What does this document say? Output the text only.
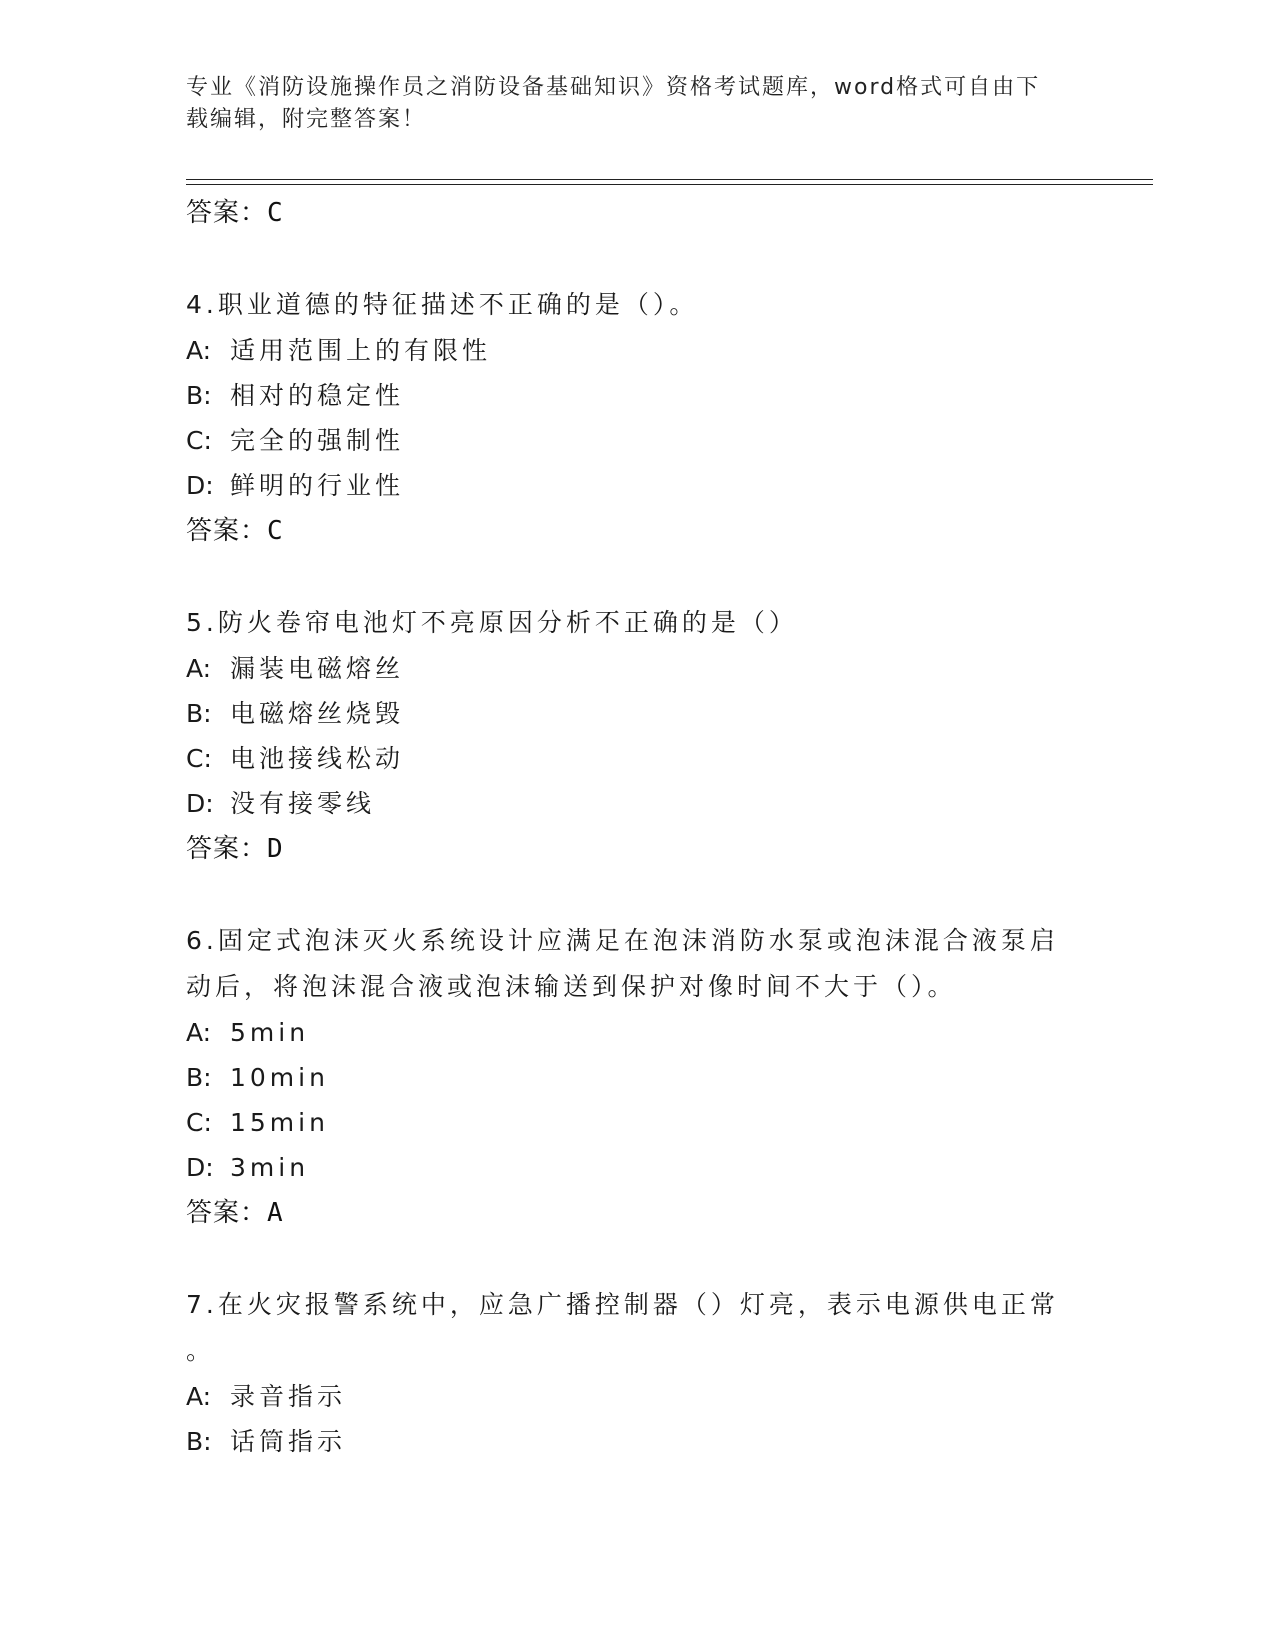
专业《消防设施操作员之消防设备基础知识》资格考试题库，word格式可自由下
载编辑，附完整答案！
答案：C
4.职业道德的特征描述不正确的是（）。
A: 适用范围上的有限性
B: 相对的稳定性
C: 完全的强制性
D: 鲜明的行业性
答案：C
5.防火卷帘电池灯不亮原因分析不正确的是（）
A: 漏装电磁熔丝
B: 电磁熔丝烧毁
C: 电池接线松动
D: 没有接零线
答案：D
6.固定式泡沫灭火系统设计应满足在泡沫消防水泵或泡沫混合液泵启
动后，将泡沫混合液或泡沫输送到保护对像时间不大于（）。
A: 5min
B: 10min
C: 15min
D: 3min
答案：A
7.在火灾报警系统中，应急广播控制器（）灯亮，表示电源供电正常
。
A: 录音指示
B: 话筒指示
